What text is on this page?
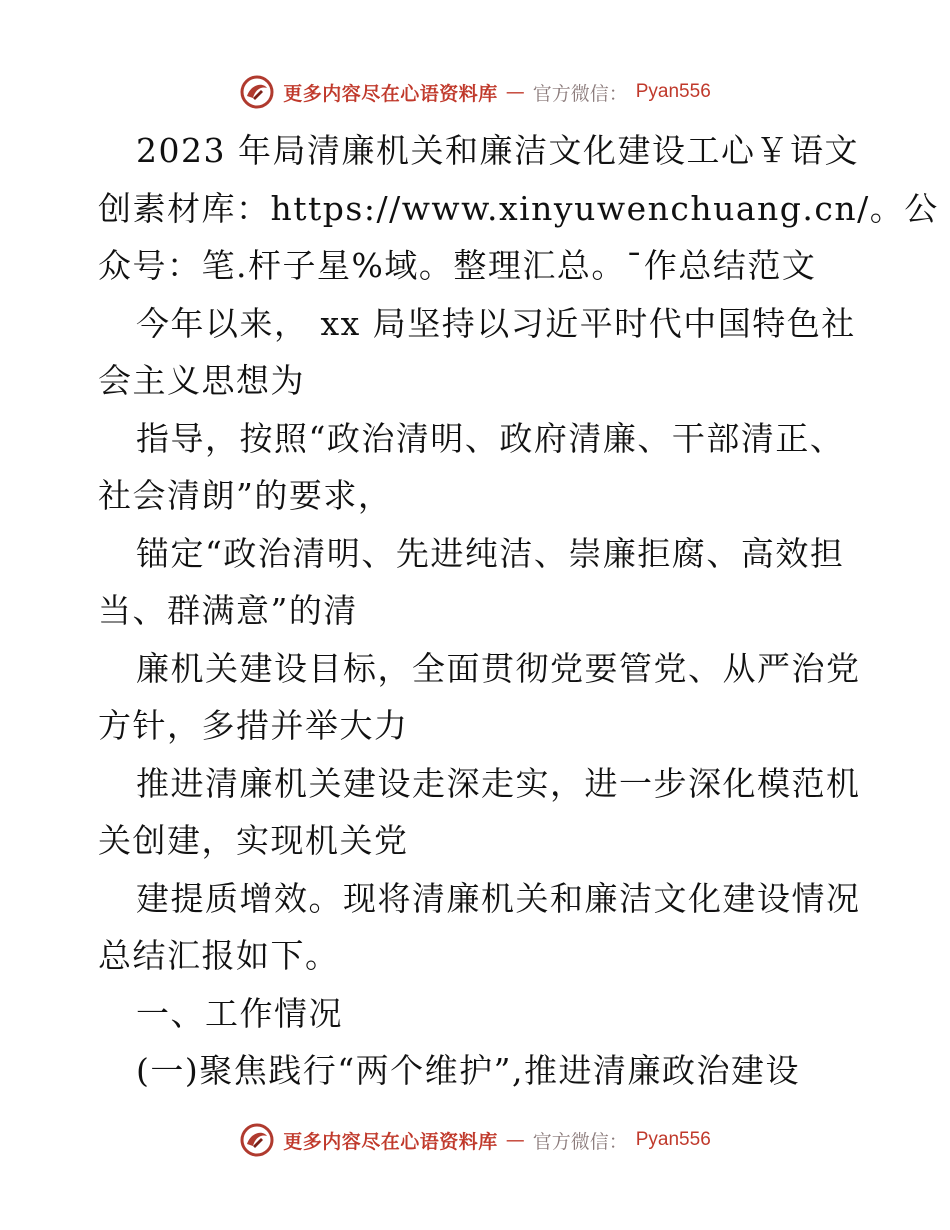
更多内容尽在心语资料库 — 官方微信： Pyan556
2023 年局清廉机关和廉洁文化建设工心￥语文
创素材库：https://www.xinyuwenchuang.cn/。公
众号：笔.杆子星%域。整理汇总。¯作总结范文
今年以来， xx 局坚持以习近平时代中国特色社
会主义思想为
指导，按照“政治清明、政府清廉、干部清正、
社会清朗”的要求，
锚定“政治清明、先进纯洁、崇廉拒腐、高效担
当、群满意”的清
廉机关建设目标，全面贯彻党要管党、从严治党
方针，多措并举大力
推进清廉机关建设走深走实，进一步深化模范机
关创建，实现机关党
建提质增效。现将清廉机关和廉洁文化建设情况
总结汇报如下。
一、工作情况
(一)聚焦践行“两个维护”,推进清廉政治建设
更多内容尽在心语资料库 — 官方微信： Pyan556
